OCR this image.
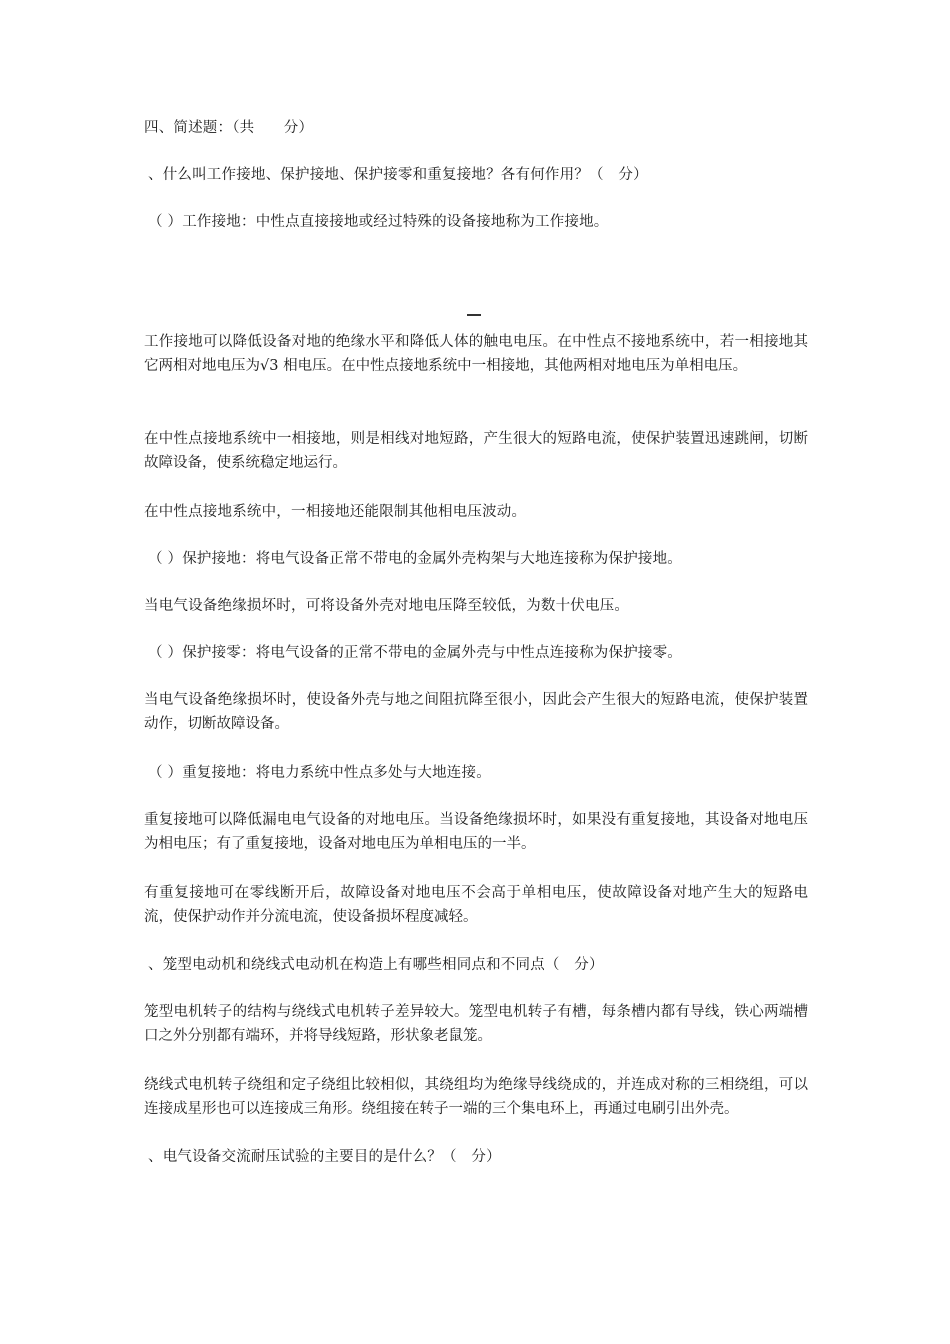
四、简述题：（共　　分）
、什么叫工作接地、保护接地、保护接零和重复接地？各有何作用？（　分）
（ ）工作接地：中性点直接接地或经过特殊的设备接地称为工作接地。
工作接地可以降低设备对地的绝缘水平和降低人体的触电电压。在中性点不接地系统中，若一相接地其它两相对地电压为√3 相电压。在中性点接地系统中一相接地，其他两相对地电压为单相电压。
在中性点接地系统中一相接地，则是相线对地短路，产生很大的短路电流，使保护装置迅速跳闸，切断故障设备，使系统稳定地运行。
在中性点接地系统中，一相接地还能限制其他相电压波动。
（ ）保护接地：将电气设备正常不带电的金属外壳构架与大地连接称为保护接地。
当电气设备绝缘损坏时，可将设备外壳对地电压降至较低，为数十伏电压。
（ ）保护接零：将电气设备的正常不带电的金属外壳与中性点连接称为保护接零。
当电气设备绝缘损坏时，使设备外壳与地之间阻抗降至很小，因此会产生很大的短路电流，使保护装置动作，切断故障设备。
（ ）重复接地：将电力系统中性点多处与大地连接。
重复接地可以降低漏电电气设备的对地电压。当设备绝缘损坏时，如果没有重复接地，其设备对地电压为相电压；有了重复接地，设备对地电压为单相电压的一半。
有重复接地可在零线断开后，故障设备对地电压不会高于单相电压，使故障设备对地产生大的短路电流，使保护动作并分流电流，使设备损坏程度减轻。
、笼型电动机和绕线式电动机在构造上有哪些相同点和不同点（　分）
笼型电机转子的结构与绕线式电机转子差异较大。笼型电机转子有槽，每条槽内都有导线，铁心两端槽口之外分别都有端环，并将导线短路，形状象老鼠笼。
绕线式电机转子绕组和定子绕组比较相似，其绕组均为绝缘导线绕成的，并连成对称的三相绕组，可以连接成星形也可以连接成三角形。绕组接在转子一端的三个集电环上，再通过电刷引出外壳。
、电气设备交流耐压试验的主要目的是什么？（　分）
